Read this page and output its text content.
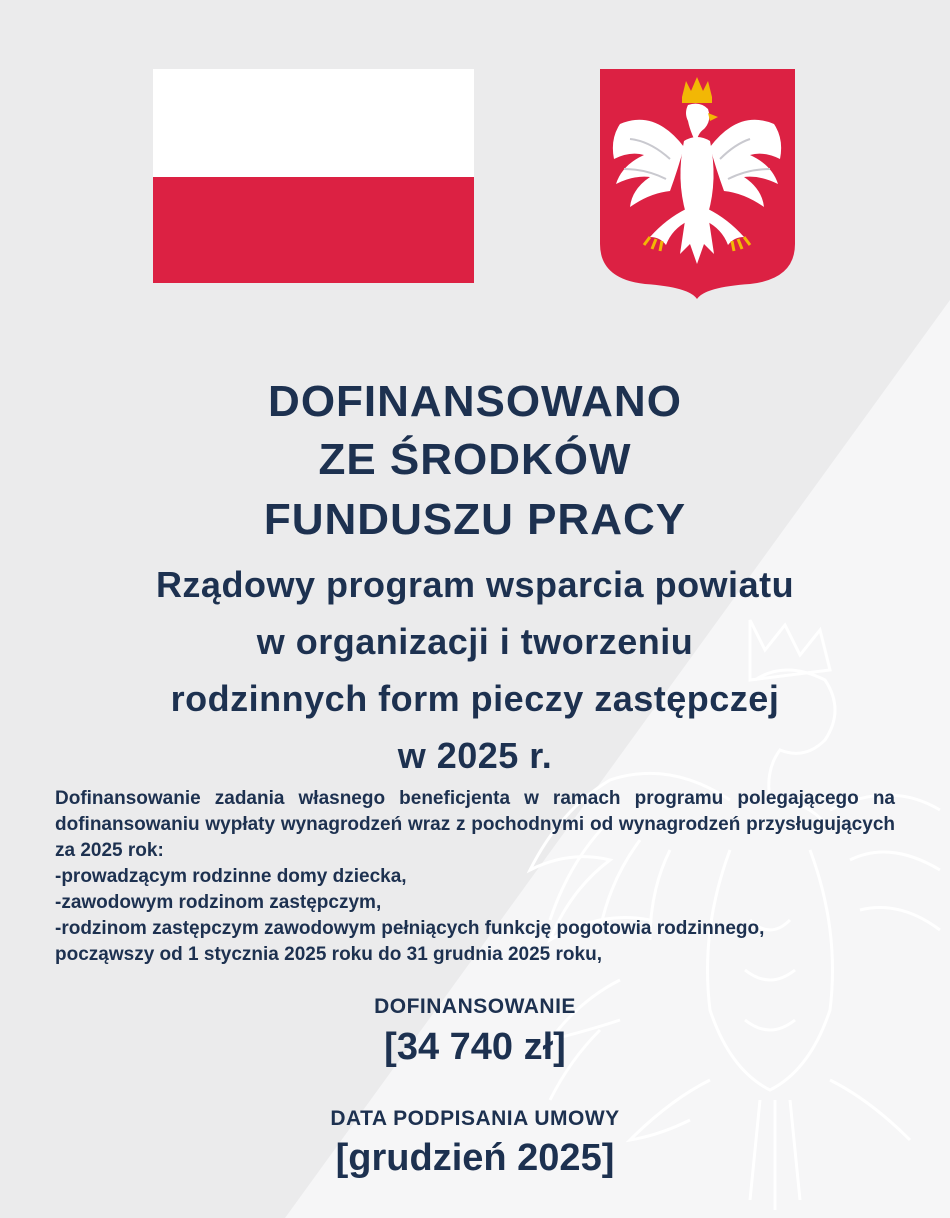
DOFINANSOWANO
ZE ŚRODKÓW
FUNDUSZU PRACY
Rządowy program wsparcia powiatu
w organizacji i tworzeniu
rodzinnych form pieczy zastępczej
w 2025 r.
Dofinansowanie zadania własnego beneficjenta w ramach programu polegającego na dofinansowaniu wypłaty wynagrodzeń wraz z pochodnymi od wynagrodzeń przysługujących za 2025 rok:
-prowadzącym rodzinne domy dziecka,
-zawodowym rodzinom zastępczym,
-rodzinom zastępczym zawodowym pełniących funkcję pogotowia rodzinnego, począwszy od 1 stycznia 2025 roku do 31 grudnia 2025 roku,
DOFINANSOWANIE
[34 740 zł]
DATA PODPISANIA UMOWY
[grudzień 2025]
